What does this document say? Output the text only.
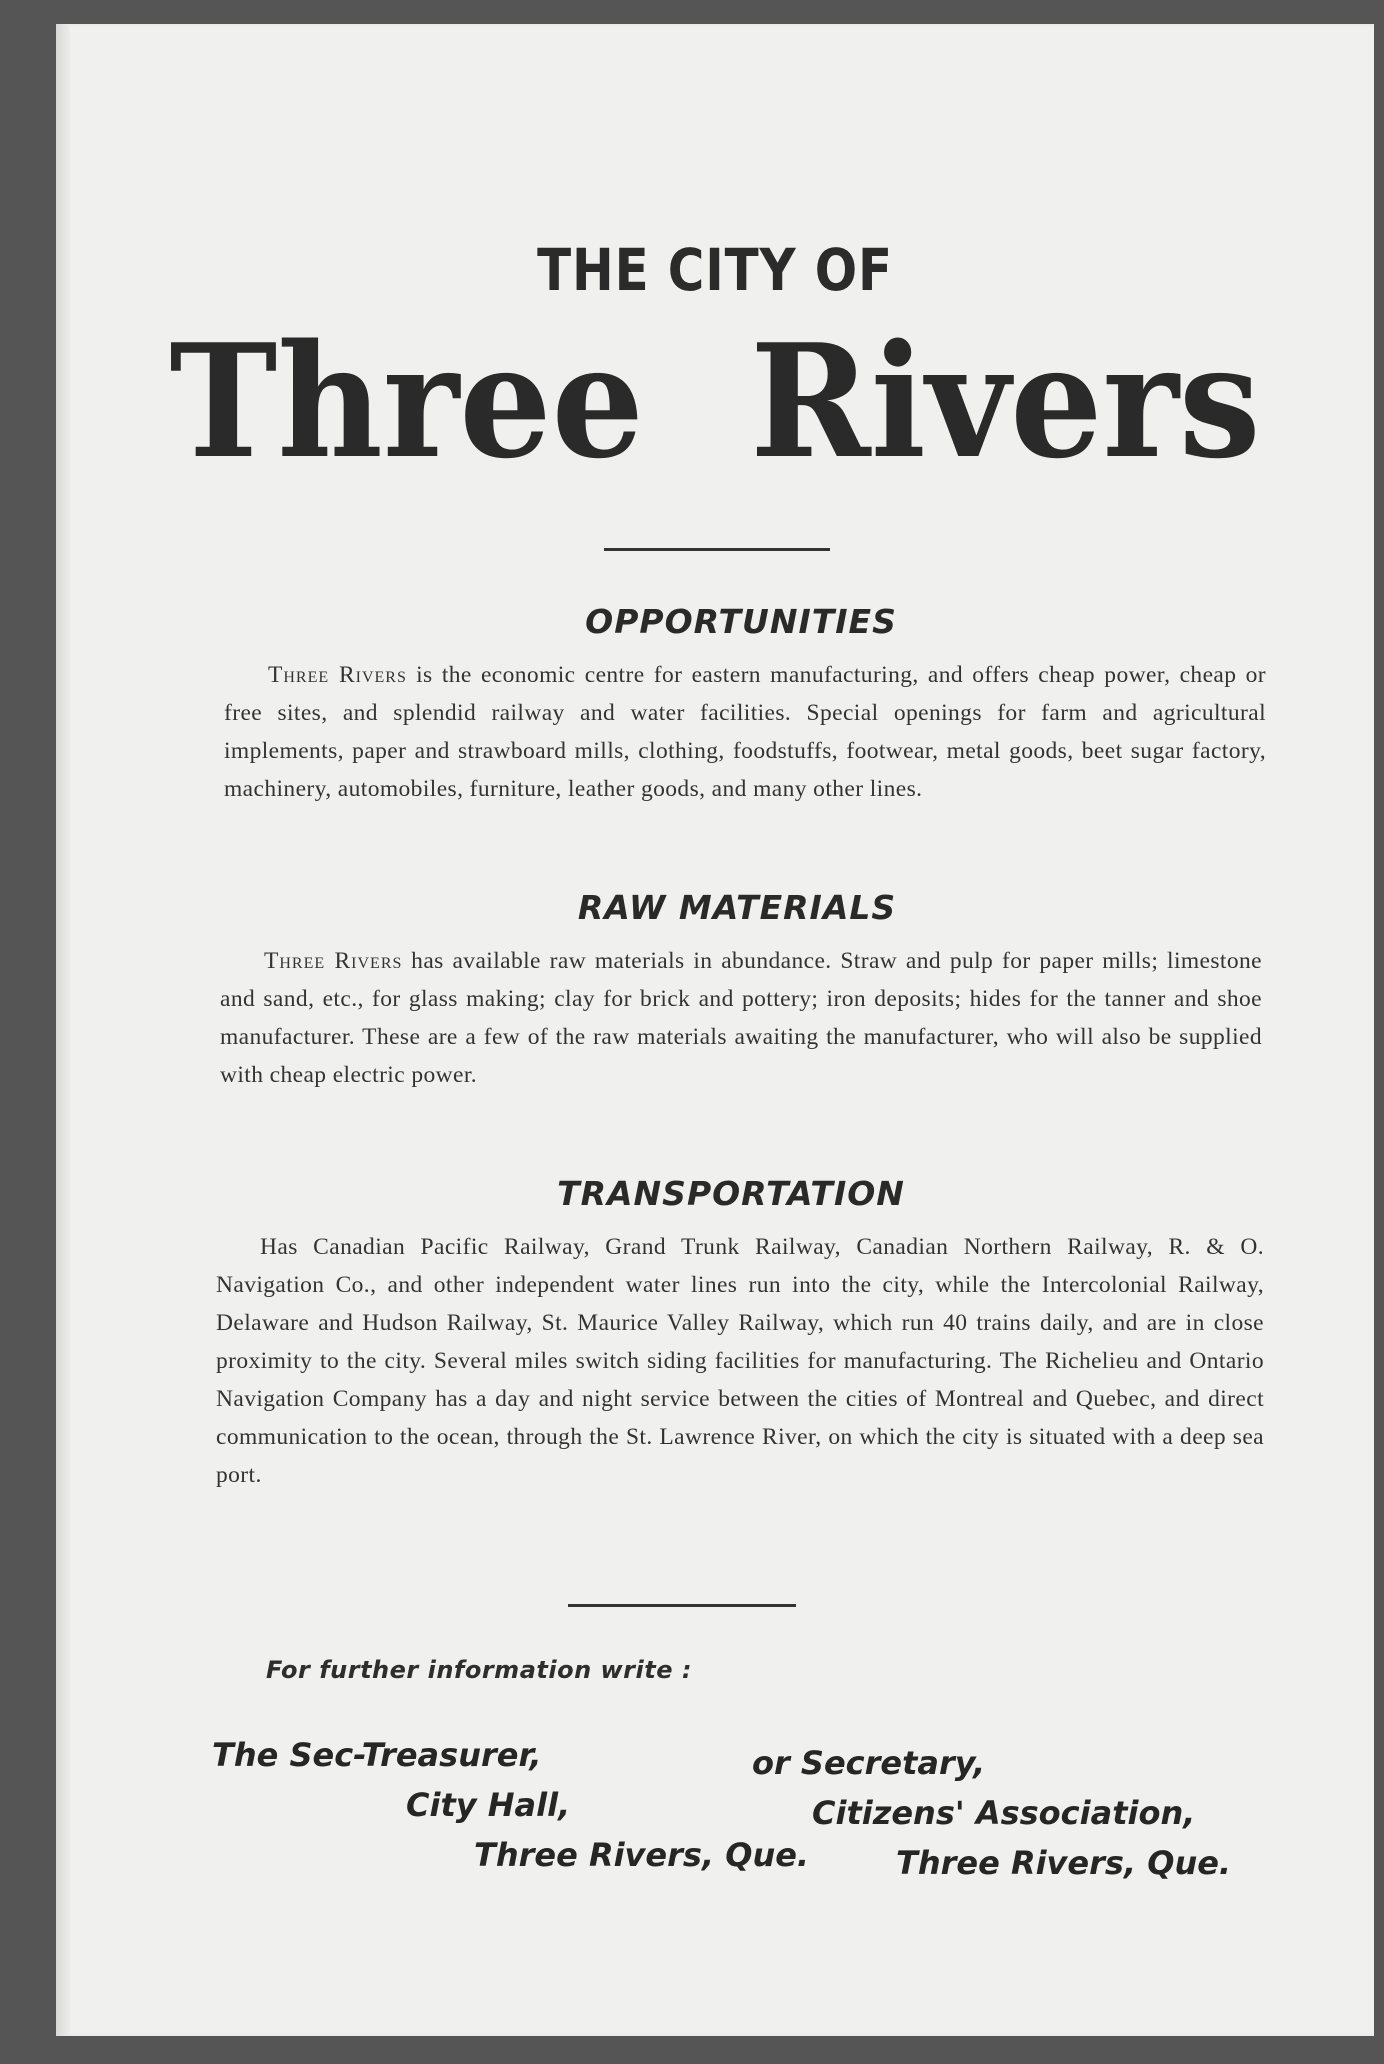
THE CITY OF
Three Rivers
OPPORTUNITIES
Three Rivers is the economic centre for eastern manufacturing, and offers cheap power, cheap or free sites, and splendid railway and water facilities. Special openings for farm and agricultural implements, paper and strawboard mills, clothing, foodstuffs, footwear, metal goods, beet sugar factory, machinery, automobiles, furniture, leather goods, and many other lines.
RAW MATERIALS
Three Rivers has available raw materials in abundance. Straw and pulp for paper mills; limestone and sand, etc., for glass making; clay for brick and pottery; iron deposits; hides for the tanner and shoe manufacturer. These are a few of the raw materials awaiting the manufacturer, who will also be supplied with cheap electric power.
TRANSPORTATION
Has Canadian Pacific Railway, Grand Trunk Railway, Canadian Northern Railway, R. & O. Navigation Co., and other independent water lines run into the city, while the Intercolonial Railway, Delaware and Hudson Railway, St. Maurice Valley Railway, which run 40 trains daily, and are in close proximity to the city. Several miles switch siding facilities for manufacturing. The Richelieu and Ontario Navigation Company has a day and night service between the cities of Montreal and Quebec, and direct communication to the ocean, through the St. Lawrence River, on which the city is situated with a deep sea port.
For further information write :
The Sec-Treasurer,
City Hall,
Three Rivers, Que.
or Secretary,
Citizens' Association,
Three Rivers, Que.
